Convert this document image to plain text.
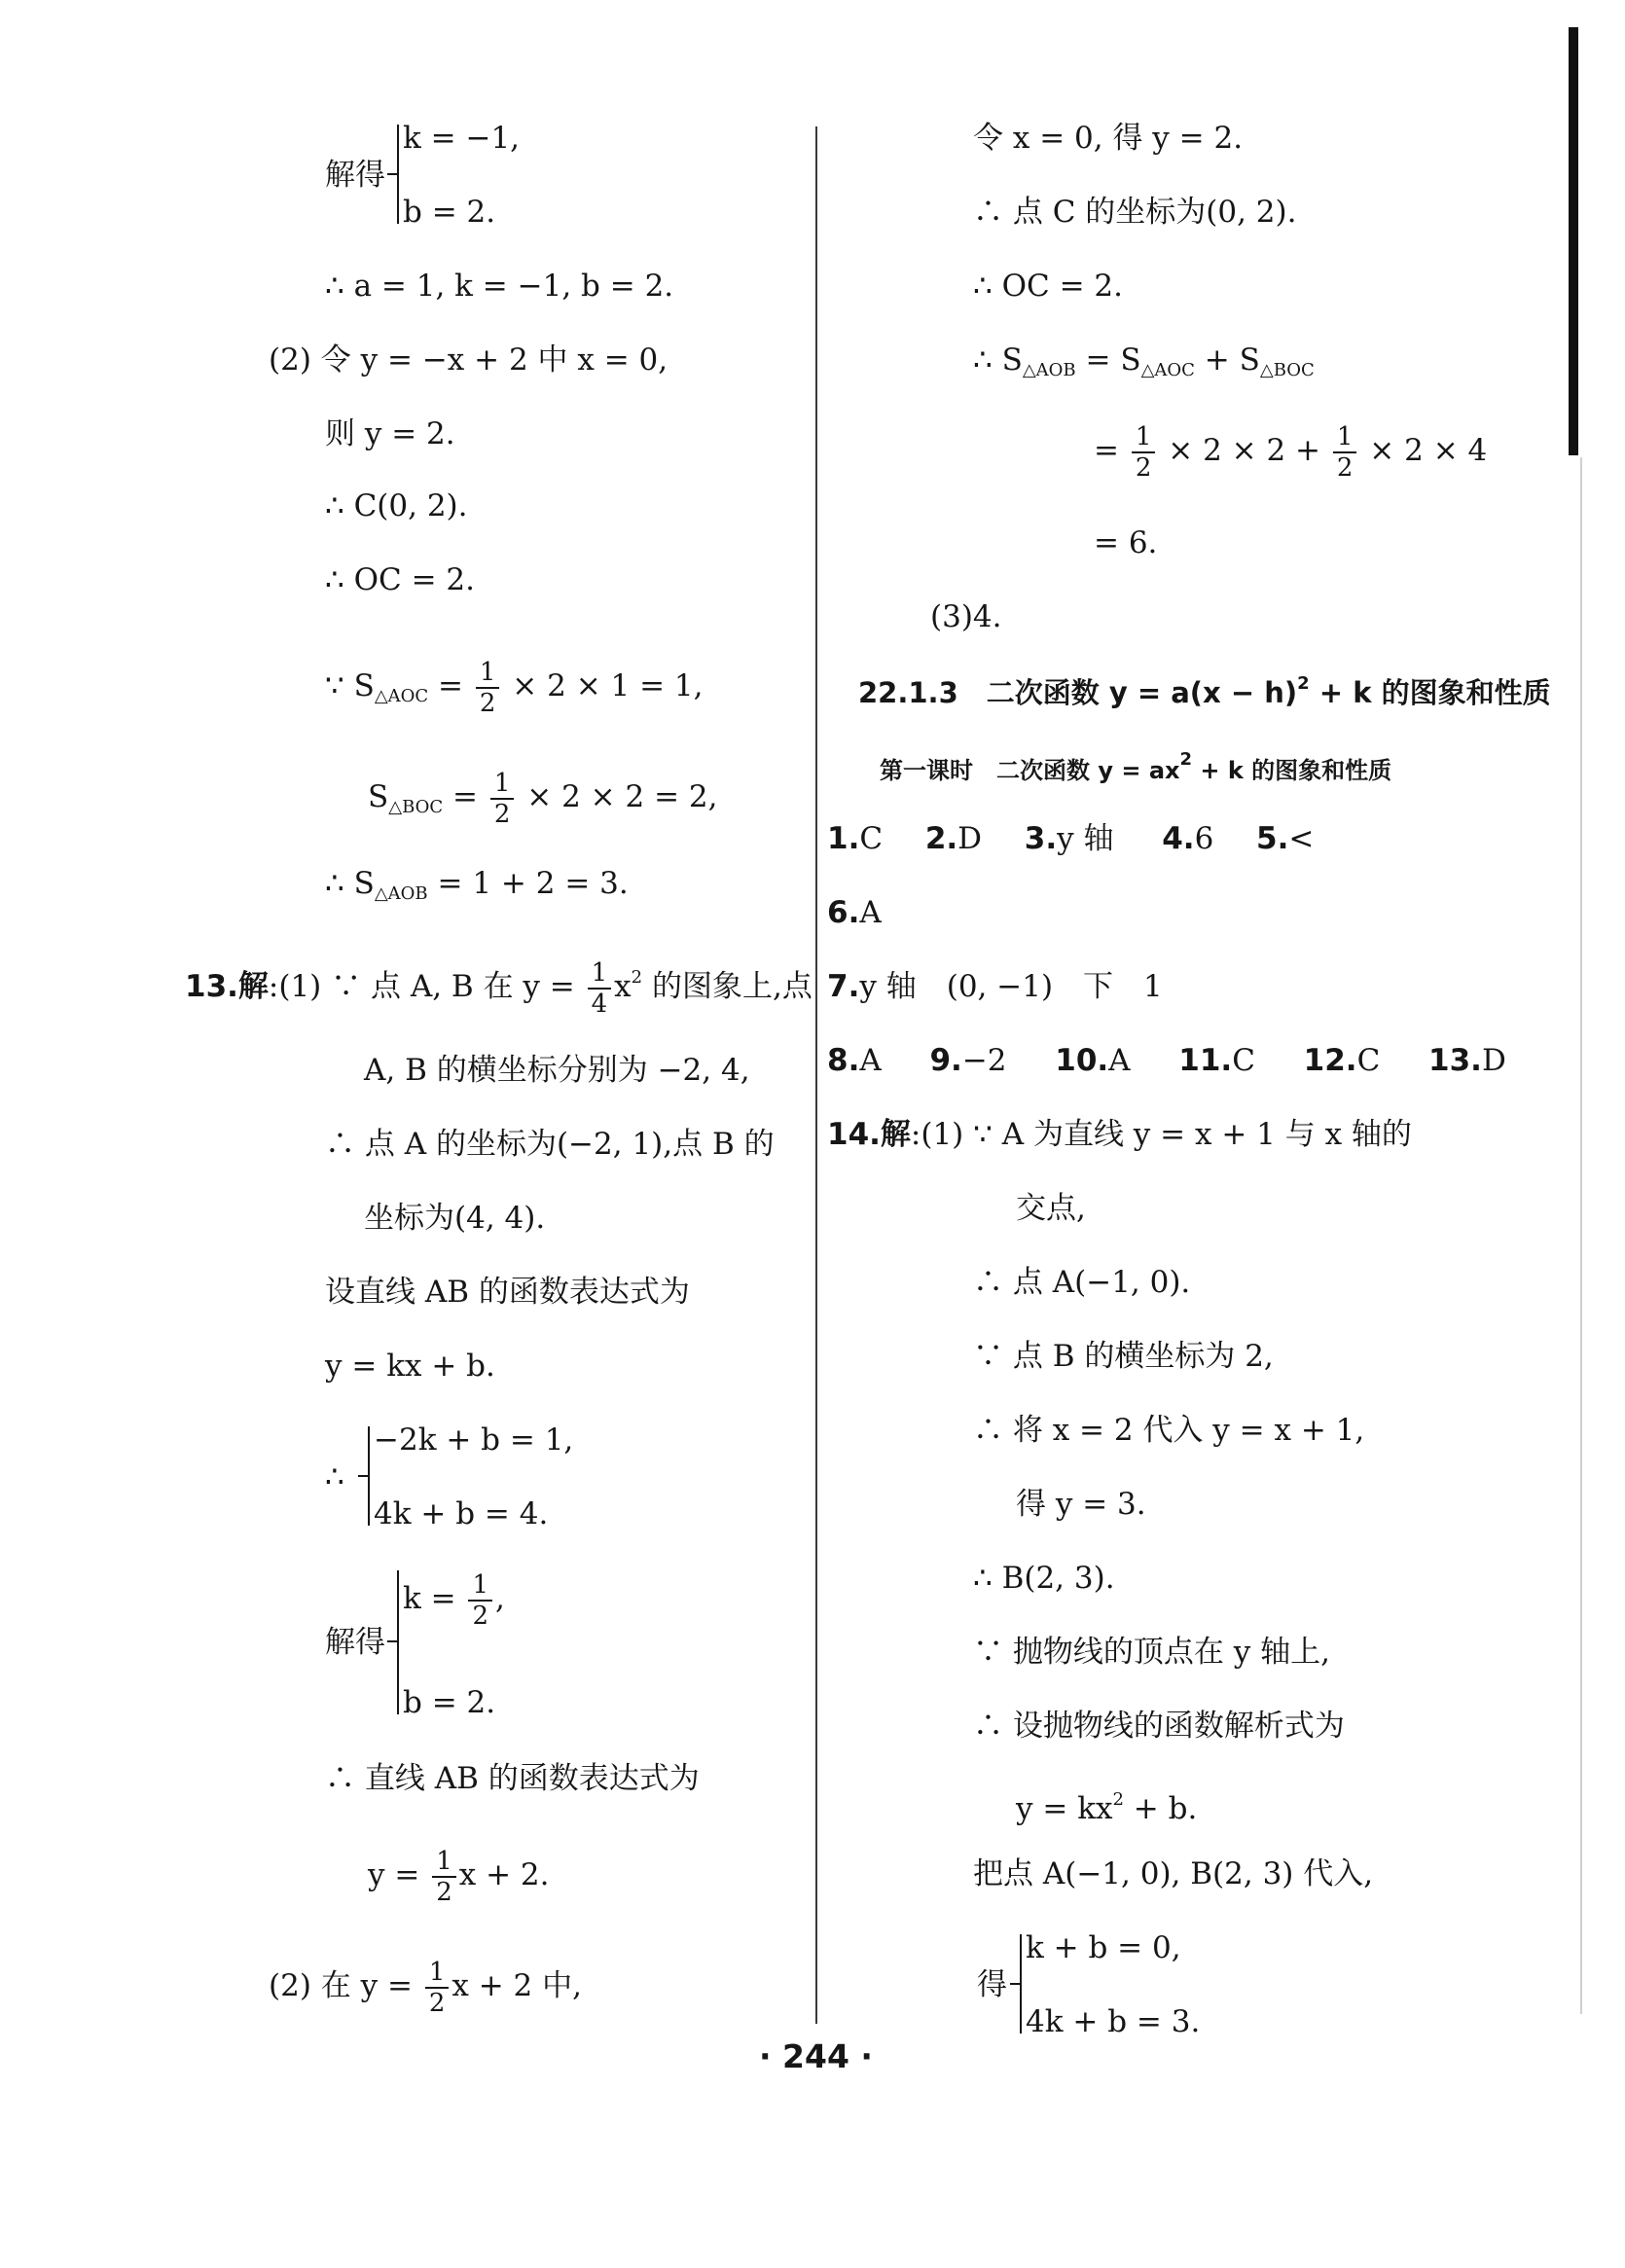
k = −1,
解得
b = 2.
∴ a = 1, k = −1, b = 2.
(2) 令 y = −x + 2 中 x = 0,
则 y = 2.
∴ C(0, 2).
∴ OC = 2.
∵ $S_{\triangle AOC} = \frac{1}{2} \times 2 \times 1 = 1$,
$S_{\triangle BOC} = \frac{1}{2} \times 2 \times 2 = 2$,
∴ $S_{\triangle AOB} = 1 + 2 = 3$.
13.解:(1) ∵ 点 A, B 在 $y = \frac{1}{4} x^2$ 的图象上,点
A, B 的横坐标分别为 −2, 4,
∴ 点 A 的坐标为(−2, 1),点 B 的
坐标为(4, 4).
设直线 AB 的函数表达式为
y = kx + b.
−2k + b = 1,
∴
4k + b = 4.
$k = \frac{1}{2}$ ,
解得
b = 2.
∴ 直线 AB 的函数表达式为
$y = \frac{1}{2}$ x + 2.
(2) 在 $y = \frac{1}{2}$ x + 2 中,
令 x = 0, 得 y = 2.
∴ 点 C 的坐标为(0, 2).
∴ OC = 2.
∴ $S_{\triangle AOB} = S_{\triangle AOC} + S_{\triangle BOC}$
= $\frac{1}{2} \times 2 \times 2 + \frac{1}{2} \times 2 \times 4$
= 6.
(3)4.
22.1.3　二次函数 $y = a(x - h)^2 + k$ 的图象和性质
第一课时　二次函数 $y = ax^2 + k$ 的图象和性质
1.C 2.D 3.y 轴 4.6 5.<
6.A
7.y 轴　(0, −1)　下　1
8.A 9.−2 10.A 11.C 12.C 13.D
14.解:(1) ∵ A 为直线 y = x + 1 与 x 轴的
交点,
∴ 点 A(−1, 0).
∵ 点 B 的横坐标为 2,
∴ 将 x = 2 代入 y = x + 1,
得 y = 3.
∴ B(2, 3).
∵ 抛物线的顶点在 y 轴上,
∴ 设抛物线的函数解析式为
$y = kx^2 + b$.
把点 A(−1, 0), B(2, 3) 代入,
k + b = 0,
得
4k + b = 3.
· 244 ·
